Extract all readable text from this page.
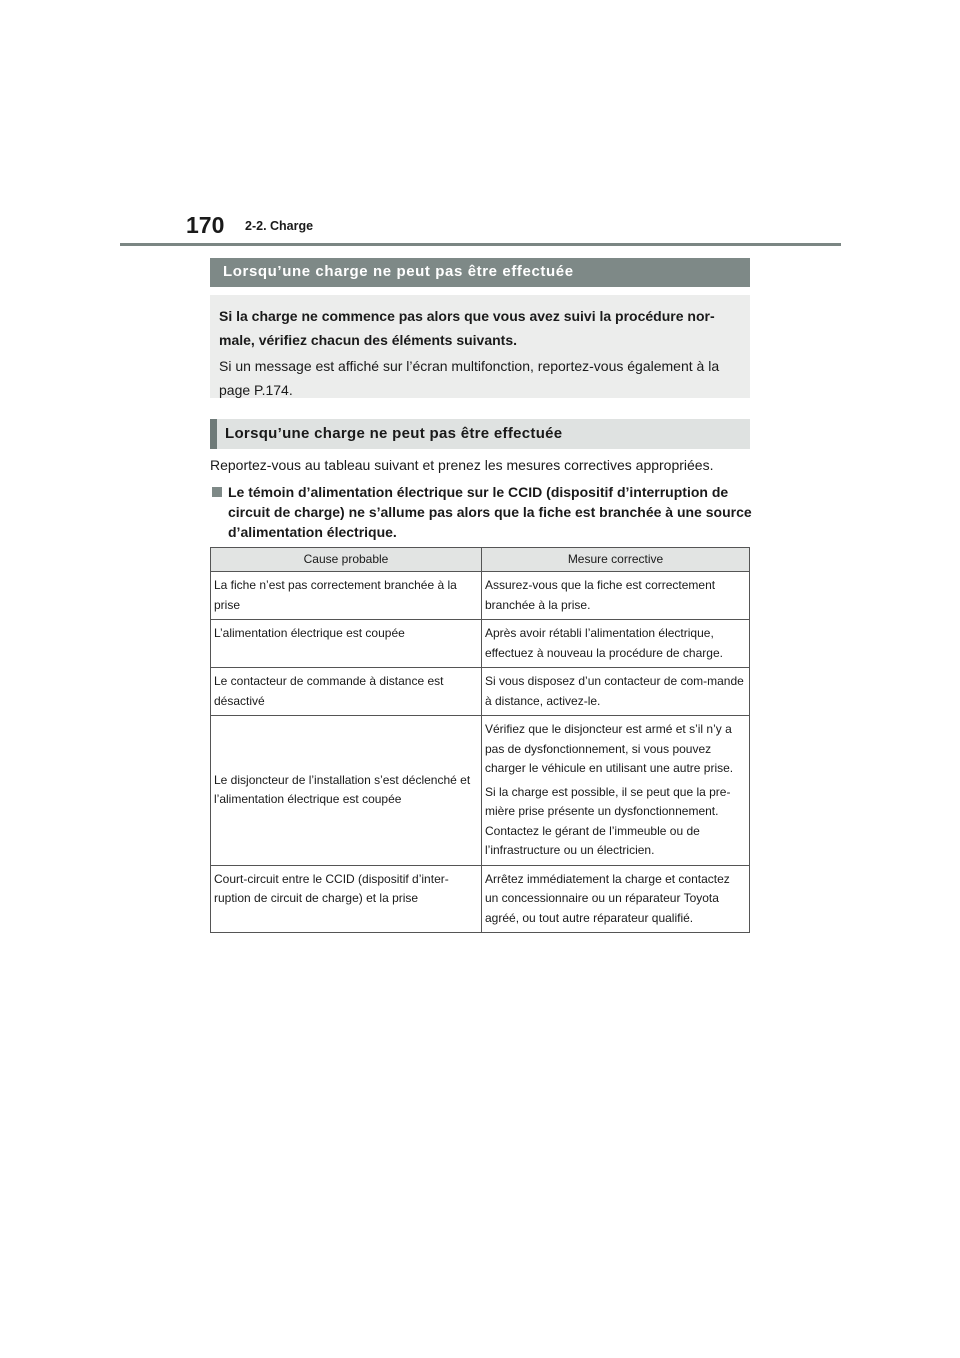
170 2-2. Charge
Lorsqu’une charge ne peut pas être effectuée

Si la charge ne commence pas alors que vous avez suivi la procédure nor-male, vérifiez chacun des éléments suivants.

Si un message est affiché sur l’écran multifonction, reportez-vous également à la page P.174.

Lorsqu’une charge ne peut pas être effectuée
Reportez-vous au tableau suivant et prenez les mesures correctives appropriées.
Le témoin d’alimentation électrique sur le CCID (dispositif d’interruption de circuit de charge) ne s’allume pas alors que la fiche est branchée à une source d’alimentation électrique.
Cause probable	Mesure corrective
La fiche n’est pas correctement branchée à la prise	Assurez-vous que la fiche est correctement branchée à la prise.

L’alimentation électrique est coupée	Après avoir rétabli l’alimentation électrique, effectuez à nouveau la procédure de charge.

Le contacteur de commande à distance est désactivé	Si vous disposez d’un contacteur de com-mande à distance, activez-le.

Le disjoncteur de l’installation s’est déclenché et l’alimentation électrique est coupée	Vérifiez que le disjoncteur est armé et s’il n’y a pas de dysfonctionnement, si vous pouvez charger le véhicule en utilisant une autre prise.

Si la charge est possible, il se peut que la pre-mière prise présente un dysfonctionnement. Contactez le gérant de l’immeuble ou de l’infrastructure ou un électricien.

Court-circuit entre le CCID (dispositif d’inter-ruption de circuit de charge) et la prise	Arrêtez immédiatement la charge et contactez un concessionnaire ou un réparateur Toyota agréé, ou tout autre réparateur qualifié.
